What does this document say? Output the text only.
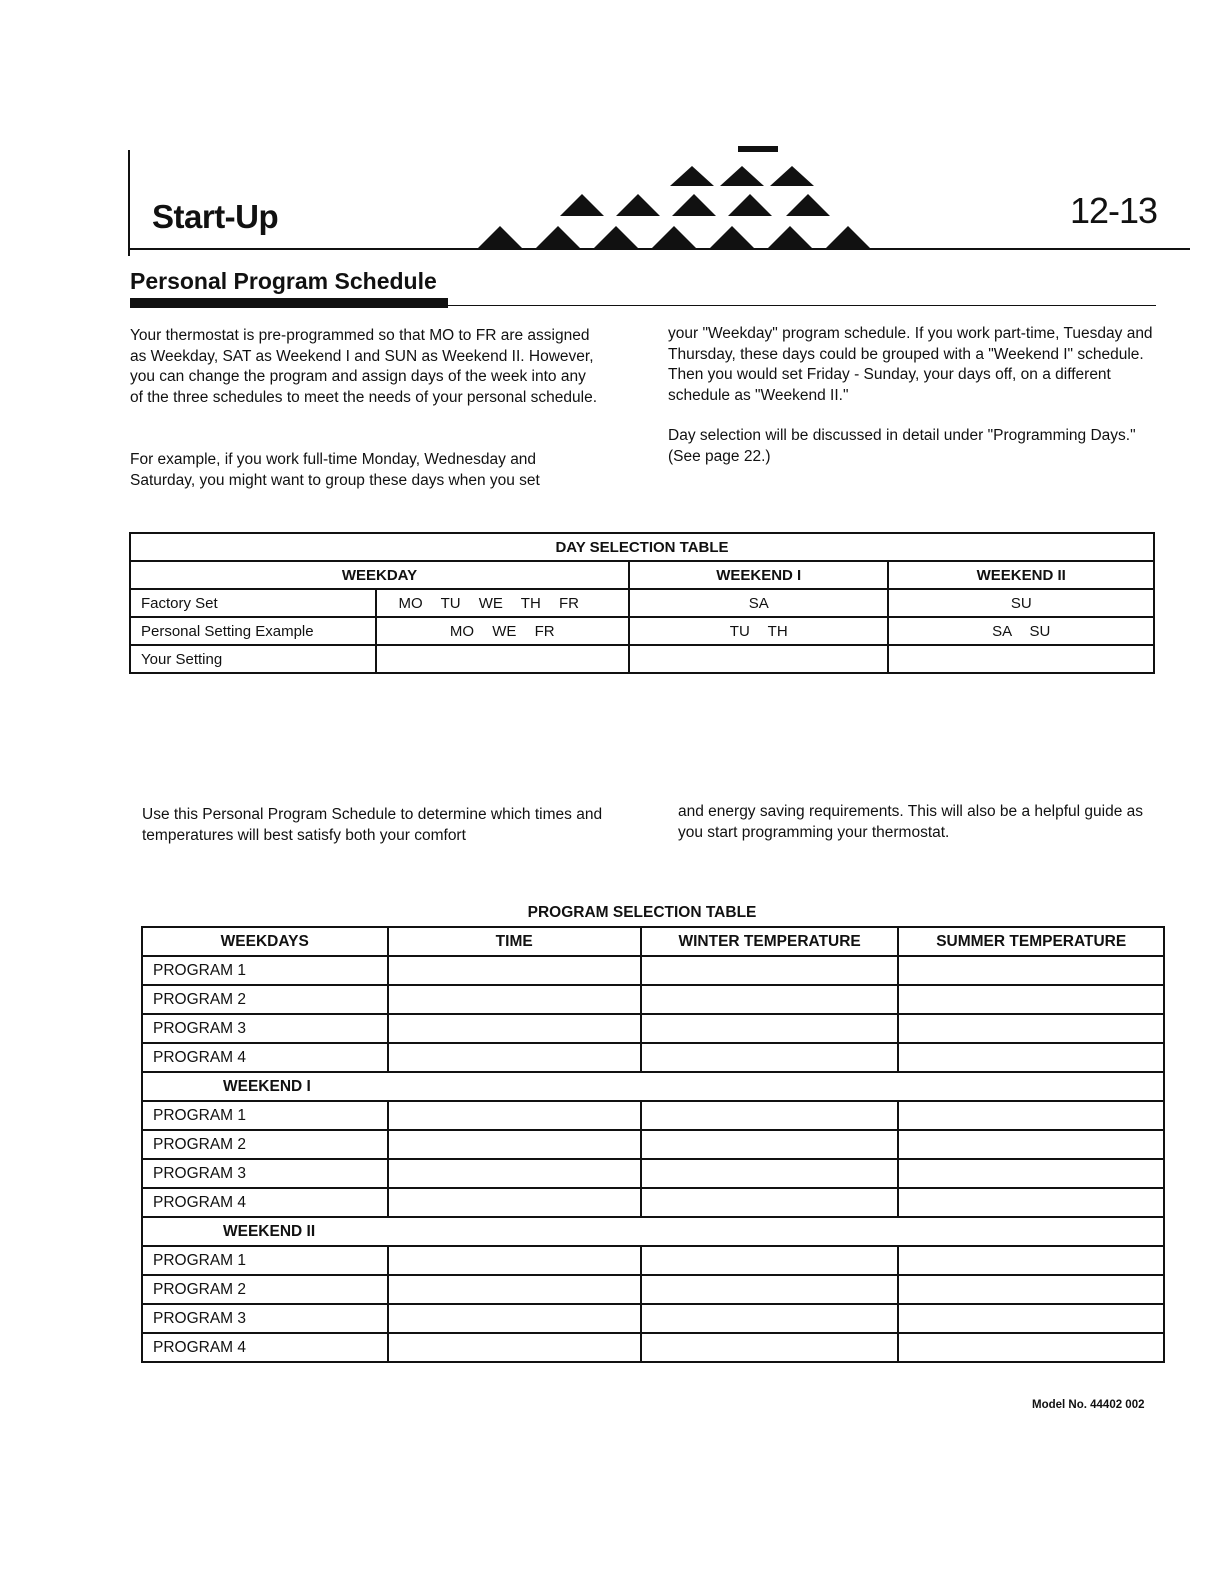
Start-Up	12-13
Personal Program Schedule

Your thermostat is pre-programmed so that MO to FR are assigned as Weekday, SAT as Weekend I and SUN as Weekend II. However, you can change the program and assign days of the week into any of the three schedules to meet the needs of your personal schedule.

For example, if you work full-time Monday, Wednesday and Saturday, you might want to group these days when you set

your "Weekday" program schedule. If you work part-time, Tuesday and Thursday, these days could be grouped with a "Weekend I" schedule. Then you would set Friday - Sunday, your days off, on a different schedule as "Weekend II."

Day selection will be discussed in detail under "Programming Days." (See page 22.)

DAY SELECTION TABLE			
WEEKDAY		WEEKEND I	WEEKEND II
Factory Set	MO TU WE TH FR	SA	SU
Personal Setting Example	MO WE FR	TU TH	SA SU
Your Setting			

Use this Personal Program Schedule to determine which times and temperatures will best satisfy both your comfort

and energy saving requirements. This will also be a helpful guide as you start programming your thermostat.

PROGRAM SELECTION TABLE
WEEKDAYS	TIME	WINTER TEMPERATURE	SUMMER TEMPERATURE
PROGRAM 1			
PROGRAM 2			
PROGRAM 3			
PROGRAM 4			
WEEKEND I			
PROGRAM 1			
PROGRAM 2			
PROGRAM 3			
PROGRAM 4			
WEEKEND II			
PROGRAM 1			
PROGRAM 2			
PROGRAM 3			
PROGRAM 4			
Model No. 44402 002
